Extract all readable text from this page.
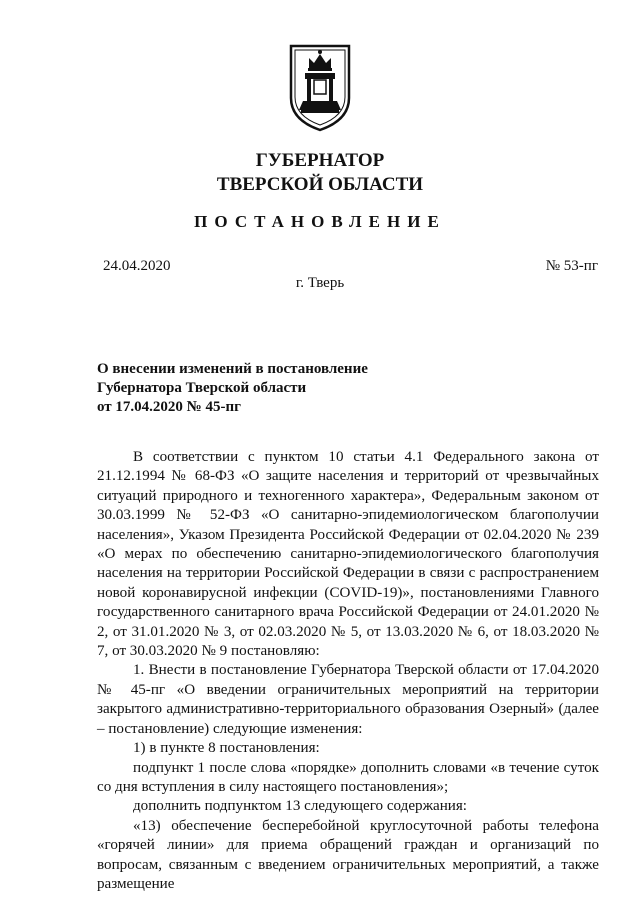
ГУБЕРНАТОР
ТВЕРСКОЙ ОБЛАСТИ
ПОСТАНОВЛЕНИЕ
24.04.2020	№ 53-пг
г. Тверь
О внесении изменений в постановление
Губернатора Тверской области
от 17.04.2020 № 45-пг

В соответствии с пунктом 10 статьи 4.1 Федерального закона от 21.12.1994 № 68-ФЗ «О защите населения и территорий от чрезвычайных ситуаций природного и техногенного характера», Федеральным законом от 30.03.1999 № 52-ФЗ «О санитарно-эпидемиологическом благополучии населения», Указом Президента Российской Федерации от 02.04.2020 № 239 «О мерах по обеспечению санитарно-эпидемиологического благополучия населения на территории Российской Федерации в связи с распространением новой коронавирусной инфекции (COVID-19)», постановлениями Главного государственного санитарного врача Российской Федерации от 24.01.2020 № 2, от 31.01.2020 № 3, от 02.03.2020 № 5, от 13.03.2020 № 6, от 18.03.2020 № 7, от 30.03.2020 № 9 постановляю:

1. Внести в постановление Губернатора Тверской области от 17.04.2020 № 45-пг «О введении ограничительных мероприятий на территории закрытого административно-территориального образования Озерный» (далее – постановление) следующие изменения:

1) в пункте 8 постановления:

подпункт 1 после слова «порядке» дополнить словами «в течение суток со дня вступления в силу настоящего постановления»;

дополнить подпунктом 13 следующего содержания:

«13) обеспечение бесперебойной круглосуточной работы телефона «горячей линии» для приема обращений граждан и организаций по вопросам, связанным с введением ограничительных мероприятий, а также размещение
